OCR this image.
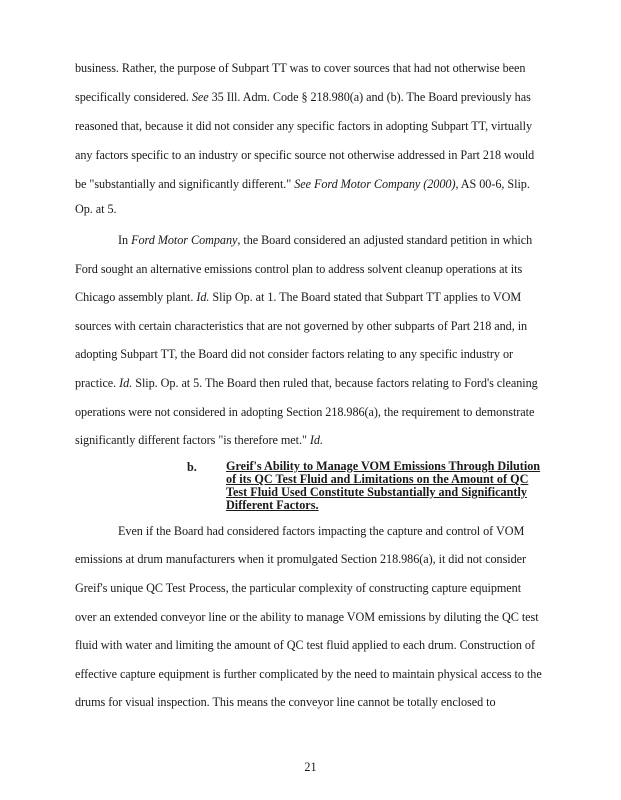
business. Rather, the purpose of Subpart TT was to cover sources that had not otherwise been
specifically considered. See 35 Ill. Adm. Code § 218.980(a) and (b). The Board previously has
reasoned that, because it did not consider any specific factors in adopting Subpart TT, virtually
any factors specific to an industry or specific source not otherwise addressed in Part 218 would
be "substantially and significantly different." See Ford Motor Company (2000), AS 00-6, Slip.
Op. at 5.
In Ford Motor Company, the Board considered an adjusted standard petition in which
Ford sought an alternative emissions control plan to address solvent cleanup operations at its
Chicago assembly plant. Id. Slip Op. at 1. The Board stated that Subpart TT applies to VOM
sources with certain characteristics that are not governed by other subparts of Part 218 and, in
adopting Subpart TT, the Board did not consider factors relating to any specific industry or
practice. Id. Slip. Op. at 5. The Board then ruled that, because factors relating to Ford's cleaning
operations were not considered in adopting Section 218.986(a), the requirement to demonstrate
significantly different factors "is therefore met." Id.
b. Greif's Ability to Manage VOM Emissions Through Dilution
of its QC Test Fluid and Limitations on the Amount of QC
Test Fluid Used Constitute Substantially and Significantly
Different Factors.
Even if the Board had considered factors impacting the capture and control of VOM
emissions at drum manufacturers when it promulgated Section 218.986(a), it did not consider
Greif's unique QC Test Process, the particular complexity of constructing capture equipment
over an extended conveyor line or the ability to manage VOM emissions by diluting the QC test
fluid with water and limiting the amount of QC test fluid applied to each drum. Construction of
effective capture equipment is further complicated by the need to maintain physical access to the
drums for visual inspection. This means the conveyor line cannot be totally enclosed to
21
